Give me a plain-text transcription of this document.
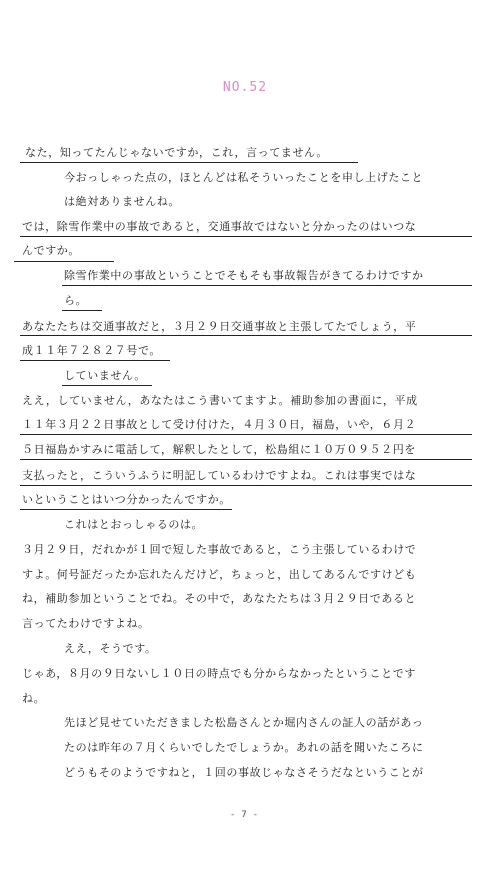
NO.52
なた，知ってたんじゃないですか，これ，言ってません。
今おっしゃった点の，ほとんどは私そういったことを申し上げたこと
は絶対ありませんね。
では，除雪作業中の事故であると，交通事故ではないと分かったのはいつな
んですか。
除雪作業中の事故ということでそもそも事故報告がきてるわけですか
ら。
あなたたちは交通事故だと，３月２９日交通事故と主張してたでしょう，平
成１１年７２８２７号で。
していません。
ええ，していません，あなたはこう書いてますよ。補助参加の書面に，平成
１１年３月２２日事故として受け付けた，４月３０日，福島，いや，６月２
５日福島かすみに電話して，解釈したとして，松島組に１０万０９５２円を
支払ったと，こういうふうに明記しているわけですよね。これは事実ではな
いということはいつ分かったんですか。
これはとおっしゃるのは。
３月２９日，だれかが１回で短した事故であると，こう主張しているわけで
すよ。何号証だったか忘れたんだけど，ちょっと，出してあるんですけども
ね，補助参加ということでね。その中で，あなたたちは３月２９日であると
言ってたわけですよね。
ええ，そうです。
じゃあ，８月の９日ないし１０日の時点でも分からなかったということです
ね。
先ほど見せていただきました松島さんとか堀内さんの証人の話があっ
たのは昨年の７月くらいでしたでしょうか。あれの話を聞いたころに
どうもそのようですねと，１回の事故じゃなさそうだなということが
- 7 -
